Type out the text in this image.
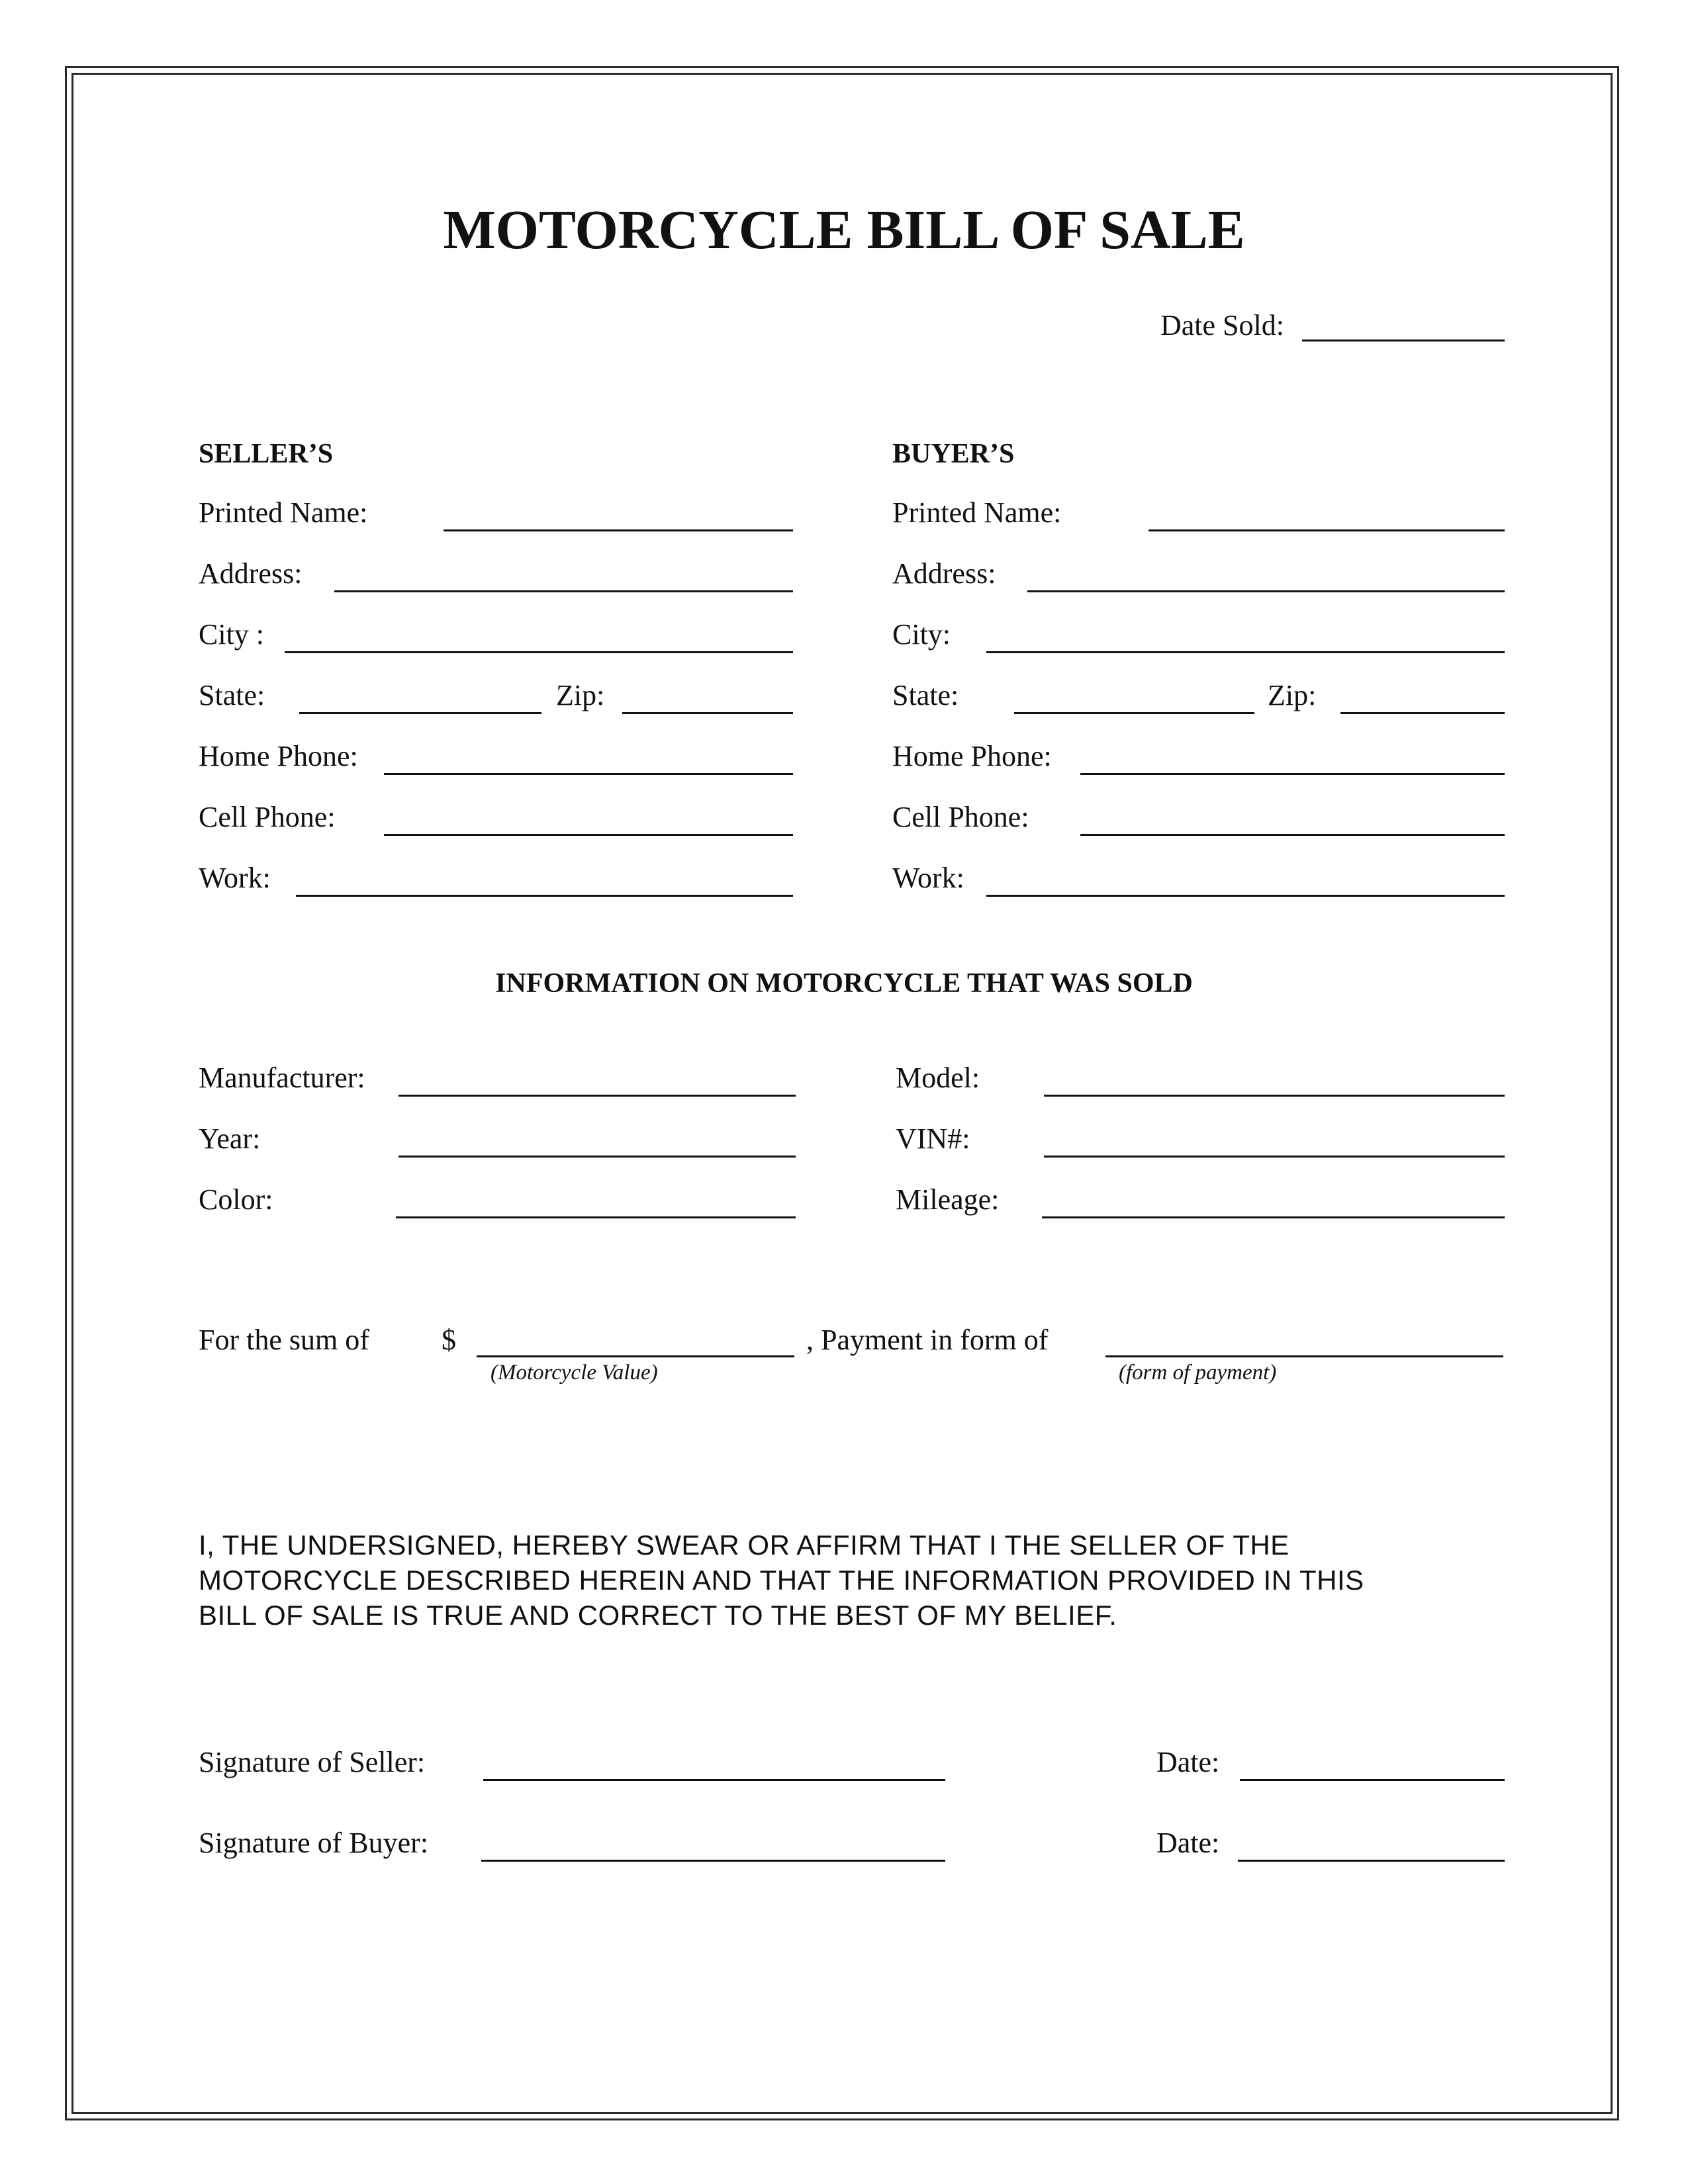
MOTORCYCLE BILL OF SALE
Date Sold:
SELLER’S	BUYER’S
Printed Name:
Address:
City :
State:	Zip:
Home Phone:
Cell Phone:
Work:
Printed Name:
Address:
City:
State:	Zip:
Home Phone:
Cell Phone:
Work:
INFORMATION ON MOTORCYCLE THAT WAS SOLD
Manufacturer:	Model:
Year:	VIN#:
Color:	Mileage:
For the sum of $
(Motorcycle Value)
, Payment in form of
(form of payment)
I, THE UNDERSIGNED, HEREBY SWEAR OR AFFIRM THAT I THE SELLER OF THE
MOTORCYCLE DESCRIBED HEREIN AND THAT THE INFORMATION PROVIDED IN THIS
BILL OF SALE IS TRUE AND CORRECT TO THE BEST OF MY BELIEF.
Signature of Seller:	Date:
Signature of Buyer:	Date:
